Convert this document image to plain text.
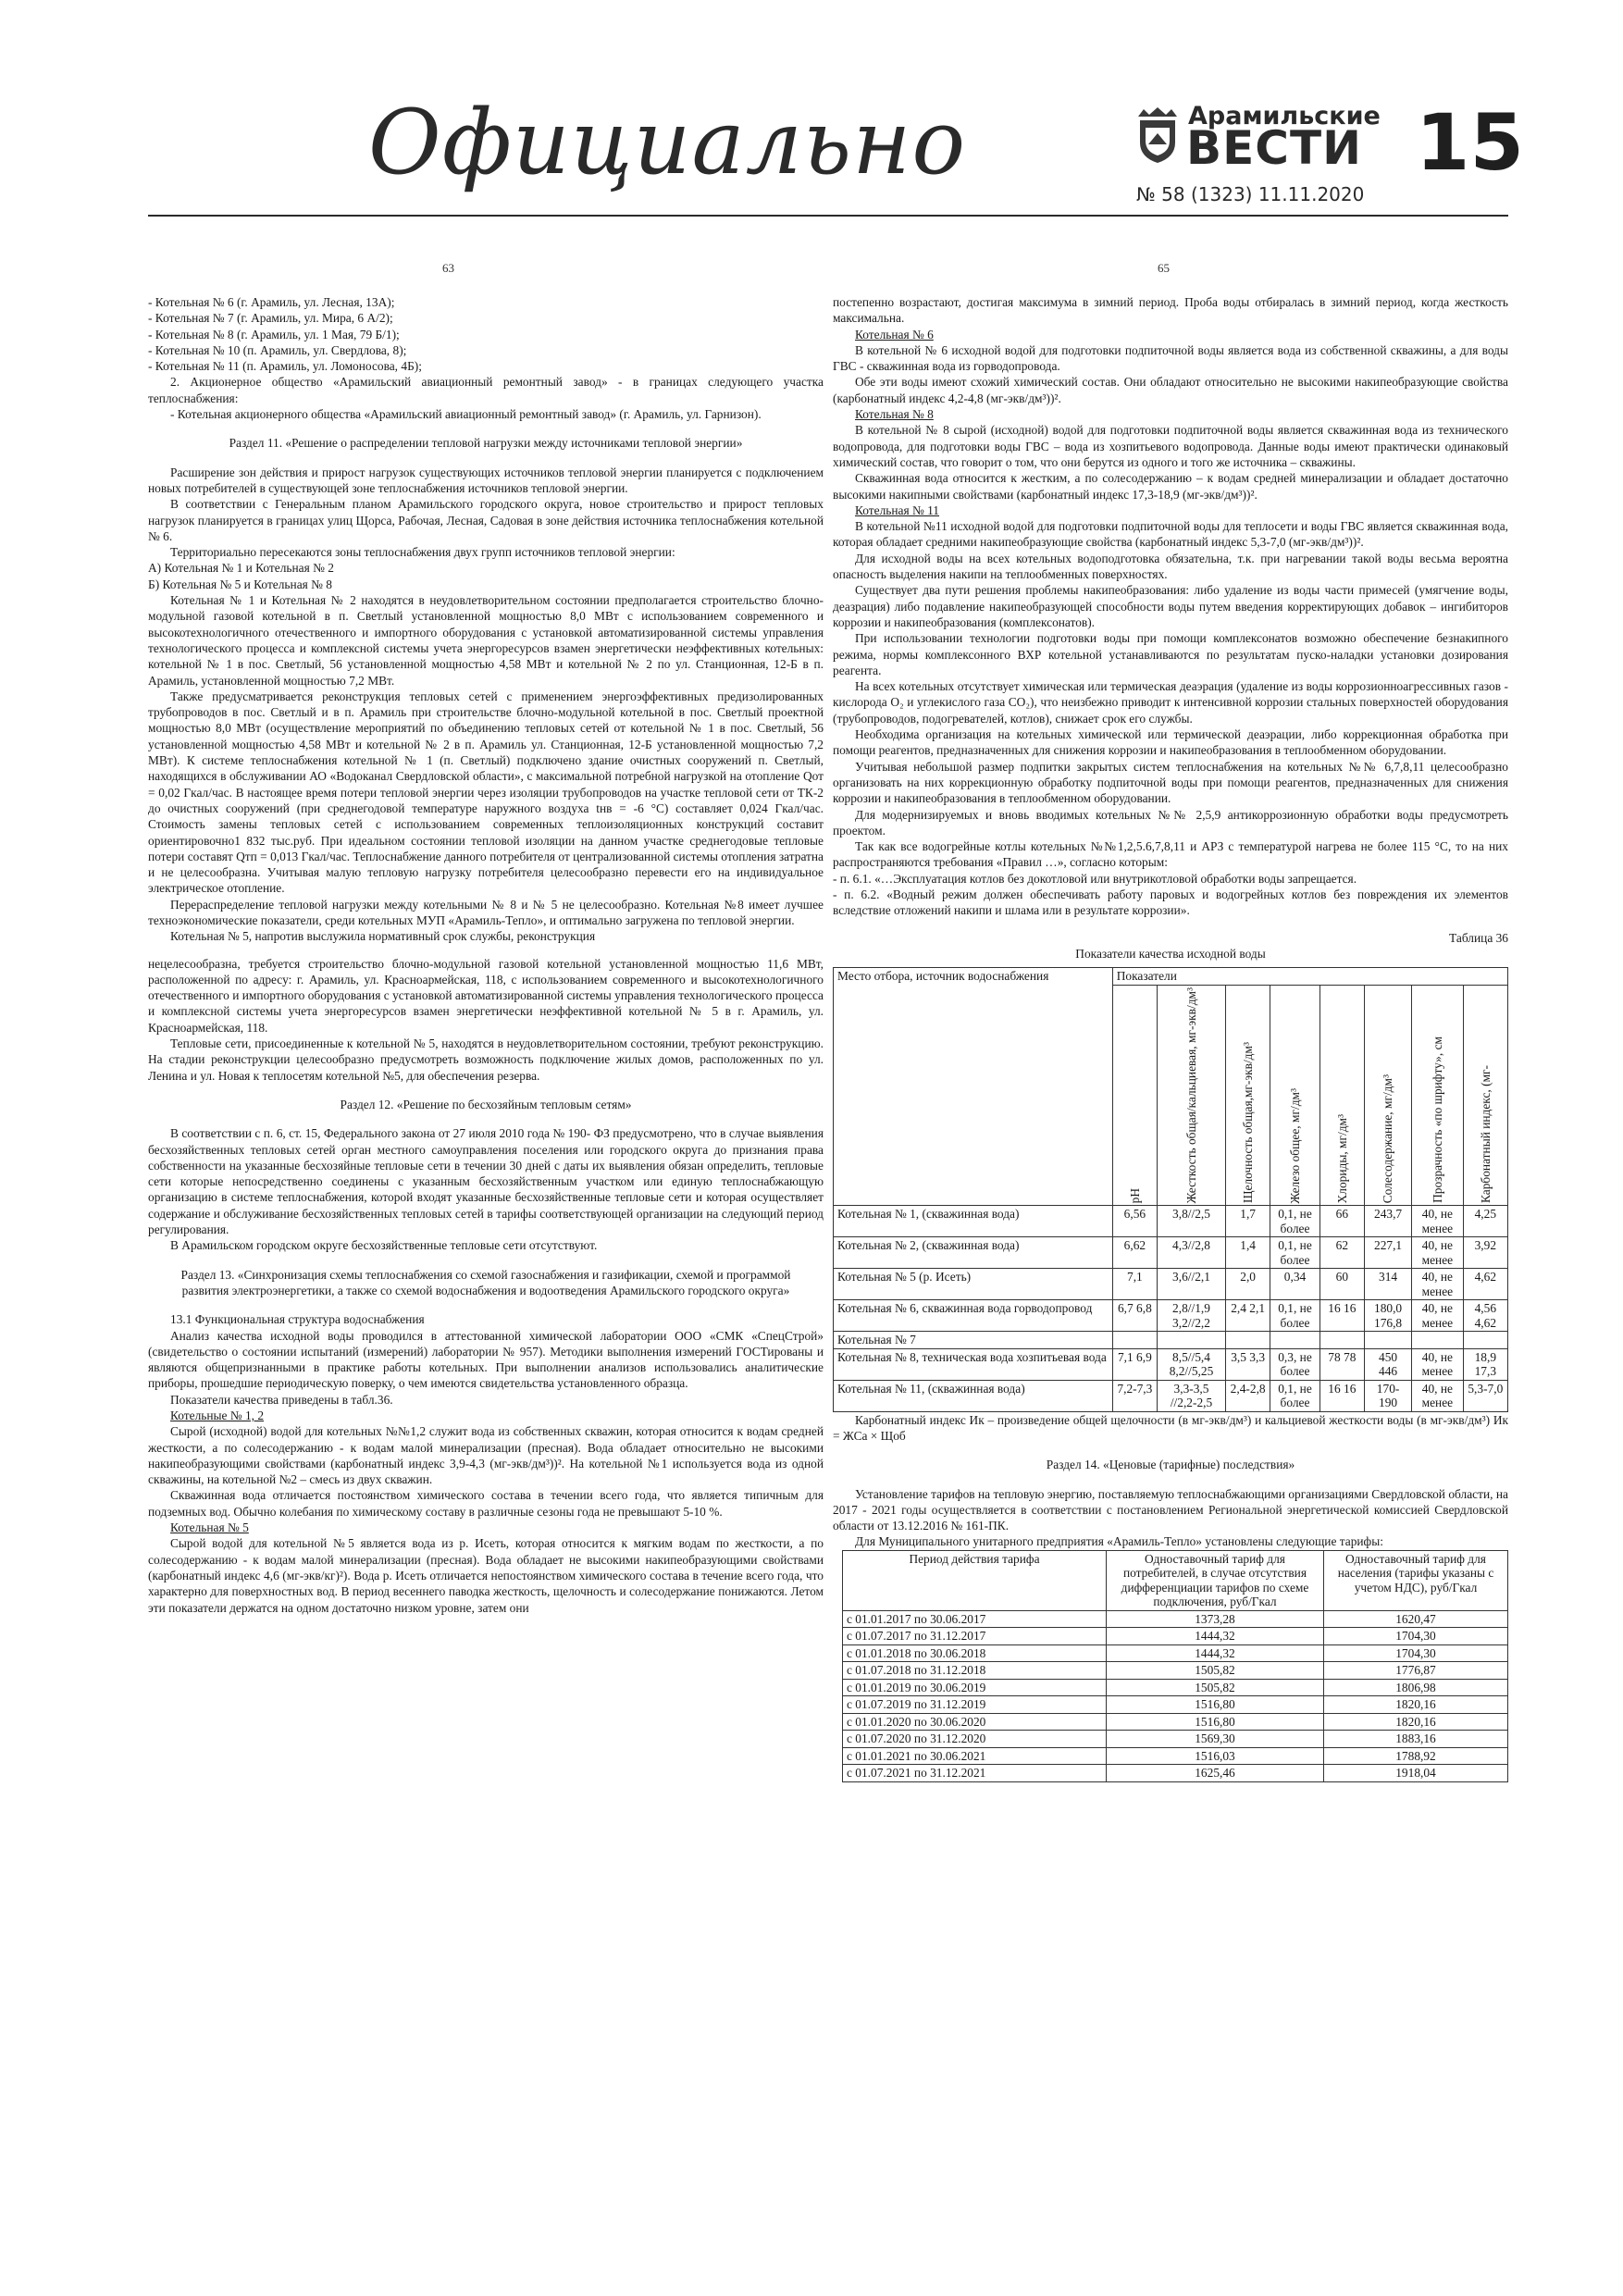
Официально	Арамильские
ВЕСТИ
№ 58 (1323) 11.11.2020
15
63	65

- Котельная № 6 (г. Арамиль, ул. Лесная, 13А);

- Котельная № 7 (г. Арамиль, ул. Мира, 6 А/2);

- Котельная № 8 (г. Арамиль, ул. 1 Мая, 79 Б/1);

- Котельная № 10 (п. Арамиль, ул. Свердлова, 8);

- Котельная № 11 (п. Арамиль, ул. Ломоносова, 4Б);

2. Акционерное общество «Арамильский авиационный ремонтный завод» - в границах следующего участка теплоснабжения:

- Котельная акционерного общества «Арамильский авиационный ремонтный завод» (г. Арамиль, ул. Гарнизон).

Раздел 11. «Решение о распределении тепловой нагрузки между источниками тепловой энергии»

Расширение зон действия и прирост нагрузок существующих источников тепловой энергии планируется с подключением новых потребителей в существующей зоне теплоснабжения источников тепловой энергии.

В соответствии с Генеральным планом Арамильского городского округа, новое строительство и прирост тепловых нагрузок планируется в границах улиц Щорса, Рабочая, Лесная, Садовая в зоне действия источника теплоснабжения котельной № 6.

Территориально пересекаются зоны теплоснабжения двух групп источников тепловой энергии:

А) Котельная № 1 и Котельная № 2

Б) Котельная № 5 и Котельная № 8

Котельная № 1 и Котельная № 2 находятся в неудовлетворительном состоянии предполагается строительство блочно-модульной газовой котельной в п. Светлый установленной мощностью 8,0 МВт с использованием современного и высокотехнологичного отечественного и импортного оборудования с установкой автоматизированной системы управления технологического процесса и комплексной системы учета энергоресурсов взамен энергетически неэффективных котельных: котельной № 1 в пос. Светлый, 56 установленной мощностью 4,58 МВт и котельной № 2 по ул. Станционная, 12-Б в п. Арамиль, установленной мощностью 7,2 МВт.

Также предусматривается реконструкция тепловых сетей с применением энергоэффективных предизолированных трубопроводов в пос. Светлый и в п. Арамиль при строительстве блочно-модульной котельной в пос. Светлый проектной мощностью 8,0 МВт (осуществление мероприятий по объединению тепловых сетей от котельной № 1 в пос. Светлый, 56 установленной мощностью 4,58 МВт и котельной № 2 в п. Арамиль ул. Станционная, 12-Б установленной мощностью 7,2 МВт). К системе теплоснабжения котельной № 1 (п. Светлый) подключено здание очистных сооружений п. Светлый, находящихся в обслуживании АО «Водоканал Свердловской области», с максимальной потребной нагрузкой на отопление Qот = 0,02 Гкал/час. В настоящее время потери тепловой энергии через изоляции трубопроводов на участке тепловой сети от ТК-2 до очистных сооружений (при среднегодовой температуре наружного воздуха tнв = -6 °С) составляет 0,024 Гкал/час. Стоимость замены тепловых сетей с использованием современных теплоизоляционных конструкций составит ориентировочно1 832 тыс.руб. При идеальном состоянии тепловой изоляции на данном участке среднегодовые тепловые потери составят Qтп = 0,013 Гкал/час. Теплоснабжение данного потребителя от централизованной системы отопления затратна и не целесообразна. Учитывая малую тепловую нагрузку потребителя целесообразно перевести его на индивидуальное электрическое отопление.

Перераспределение тепловой нагрузки между котельными № 8 и № 5 не целесообразно. Котельная №8 имеет лучшее техноэкономические показатели, среди котельных МУП «Арамиль-Тепло», и оптимально загружена по тепловой энергии.

Котельная № 5, напротив выслужила нормативный срок службы, реконструкция

нецелесообразна, требуется строительство блочно-модульной газовой котельной установленной мощностью 11,6 МВт, расположенной по адресу: г. Арамиль, ул. Красноармейская, 118, с использованием современного и высокотехнологичного отечественного и импортного оборудования с установкой автоматизированной системы управления технологического процесса и комплексной системы учета энергоресурсов взамен энергетически неэффективной котельной № 5 в г. Арамиль, ул. Красноармейская, 118.

Тепловые сети, присоединенные к котельной № 5, находятся в неудовлетворительном состоянии, требуют реконструкцию. На стадии реконструкции целесообразно предусмотреть возможность подключение жилых домов, расположенных по ул. Ленина и ул. Новая к теплосетям котельной №5, для обеспечения резерва.

Раздел 12. «Решение по бесхозяйным тепловым сетям»

В соответствии с п. 6, ст. 15, Федерального закона от 27 июля 2010 года № 190- ФЗ предусмотрено, что в случае выявления бесхозяйственных тепловых сетей орган местного самоуправления поселения или городского округа до признания права собственности на указанные бесхозяйные тепловые сети в течении 30 дней с даты их выявления обязан определить, тепловые сети которые непосредственно соединены с указанным бесхозяйственным участком или единую теплоснабжающую организацию в системе теплоснабжения, которой входят указанные бесхозяйственные тепловые сети и которая осуществляет содержание и обслуживание бесхозяйственных тепловых сетей в тарифы соответствующей организации на следующий период регулирования.

В Арамильском городском округе бесхозяйственные тепловые сети отсутствуют.

Раздел 13. «Синхронизация схемы теплоснабжения со схемой газоснабжения и газификации, схемой и программой развития электроэнергетики, а также со схемой водоснабжения и водоотведения Арамильского городского округа»

13.1 Функциональная структура водоснабжения

Анализ качества исходной воды проводился в аттестованной химической лаборатории ООО «СМК «СпецСтрой» (свидетельство о состоянии испытаний (измерений) лаборатории № 957). Методики выполнения измерений ГОСТированы и являются общепризнанными в практике работы котельных. При выполнении анализов использовались аналитические приборы, прошедшие периодическую поверку, о чем имеются свидетельства установленного образца.

Показатели качества приведены в табл.36.

Котельные № 1, 2

Сырой (исходной) водой для котельных №№1,2 служит вода из собственных скважин, которая относится к водам средней жесткости, а по солесодержанию - к водам малой минерализации (пресная). Вода обладает относительно не высокими накипеобразующими свойствами (карбонатный индекс 3,9-4,3 (мг-экв/дм³))². На котельной №1 используется вода из одной скважины, на котельной №2 – смесь из двух скважин.

Скважинная вода отличается постоянством химического состава в течении всего года, что является типичным для подземных вод. Обычно колебания по химическому составу в различные сезоны года не превышают 5-10 %.

Котельная № 5

Сырой водой для котельной №5 является вода из р. Исеть, которая относится к мягким водам по жесткости, а по солесодержанию - к водам малой минерализации (пресная). Вода обладает не высокими накипеобразующими свойствами (карбонатный индекс 4,6 (мг-экв/кг)²). Вода р. Исеть отличается непостоянством химического состава в течение всего года, что характерно для поверхностных вод. В период весеннего паводка жесткость, щелочность и солесодержание понижаются. Летом эти показатели держатся на одном достаточно низком уровне, затем они

постепенно возрастают, достигая максимума в зимний период. Проба воды отбиралась в зимний период, когда жесткость максимальна.

Котельная № 6

В котельной № 6 исходной водой для подготовки подпиточной воды является вода из собственной скважины, а для воды ГВС - скважинная вода из горводопровода.

Обе эти воды имеют схожий химический состав. Они обладают относительно не высокими накипеобразующие свойства (карбонатный индекс 4,2-4,8 (мг-экв/дм³))².

Котельная № 8

В котельной № 8 сырой (исходной) водой для подготовки подпиточной воды является скважинная вода из технического водопровода, для подготовки воды ГВС – вода из хозпитьевого водопровода. Данные воды имеют практически одинаковый химический состав, что говорит о том, что они берутся из одного и того же источника – скважины.

Скважинная вода относится к жестким, а по солесодержанию – к водам средней минерализации и обладает достаточно высокими накипными свойствами (карбонатный индекс 17,3-18,9 (мг-экв/дм³))².

Котельная № 11

В котельной №11 исходной водой для подготовки подпиточной воды для теплосети и воды ГВС является скважинная вода, которая обладает средними накипеобразующие свойства (карбонатный индекс 5,3-7,0 (мг-экв/дм³))².

Для исходной воды на всех котельных водоподготовка обязательна, т.к. при нагревании такой воды весьма вероятна опасность выделения накипи на теплообменных поверхностях.

Существует два пути решения проблемы накипеобразования: либо удаление из воды части примесей (умягчение воды, деазрация) либо подавление накипеобразующей способности воды путем введения корректирующих добавок – ингибиторов коррозии и накипеобразования (комплексонатов).

При использовании технологии подготовки воды при помощи комплексонатов возможно обеспечение безнакипного режима, нормы комплексонного ВХР котельной устанавливаются по результатам пуско-наладки установки дозирования реагента.

На всех котельных отсутствует химическая или термическая деаэрация (удаление из воды коррозионноагрессивных газов - кислорода O₂ и углекислого газа CO₂), что неизбежно приводит к интенсивной коррозии стальных поверхностей оборудования (трубопроводов, подогревателей, котлов), снижает срок его службы.

Необходима организация на котельных химической или термической деаэрации, либо коррекционная обработка при помощи реагентов, предназначенных для снижения коррозии и накипеобразования в теплообменном оборудовании.

Учитывая небольшой размер подпитки закрытых систем теплоснабжения на котельных №№ 6,7,8,11 целесообразно организовать на них коррекционную обработку подпиточной воды при помощи реагентов, предназначенных для снижения коррозии и накипеобразования в теплообменном оборудовании.

Для модернизируемых и вновь вводимых котельных №№ 2,5,9 антикоррозионную обработки воды предусмотреть проектом.

Так как все водогрейные котлы котельных №№1,2,5.6,7,8,11 и АРЗ с температурой нагрева не более 115 °С, то на них распространяются требования «Правил …», согласно которым:

- п. 6.1. «…Эксплуатация котлов без докотловой или внутрикотловой обработки воды запрещается.

- п. 6.2. «Водный режим должен обеспечивать работу паровых и водогрейных котлов без повреждения их элементов вследствие отложений накипи и шлама или в результате коррозии».

Таблица 36

Показатели качества исходной воды

Место отбора, источник водоснабжения	Показатели							

	pH	Жесткость общая/кальциевая, мг-экв/дм³	Щелочность общая,мг-экв/дм³	Железо общее, мг/дм³	Хлориды, мг/дм³	Солесодержание, мг/дм³	Прозрачность «по шрифту», см	Карбонатный индекс, (мг-

Котельная № 1, (скважинная вода)	6,56	3,8//2,5	1,7	0,1, не более	66	243,7	40, не менее	4,25
Котельная № 2, (скважинная вода)	6,62	4,3//2,8	1,4	0,1, не более	62	227,1	40, не менее	3,92
Котельная № 5 (р. Исеть)	7,1	3,6//2,1	2,0	0,34	60	314	40, не менее	4,62
Котельная № 6, скважинная вода горводопровод	6,7 6,8	2,8//1,9 3,2//2,2	2,4 2,1	0,1, не более	16 16	180,0 176,8	40, не менее	4,56 4,62
Котельная № 7								
Котельная № 8, техническая вода хозпитьевая вода	7,1 6,9	8,5//5,4 8,2//5,25	3,5 3,3	0,3, не более	78 78	450 446	40, не менее	18,9 17,3
Котельная № 11, (скважинная вода)	7,2-7,3	3,3-3,5 //2,2-2,5	2,4-2,8	0,1, не более	16 16	170-190	40, не менее	5,3-7,0

Карбонатный индекс Ик – произведение общей щелочности (в мг-экв/дм³) и кальциевой жесткости воды (в мг-экв/дм³) Ик = ЖСа × Щоб

Раздел 14. «Ценовые (тарифные) последствия»

Установление тарифов на тепловую энергию, поставляемую теплоснабжающими организациями Свердловской области, на 2017 - 2021 годы осуществляется в соответствии с постановлением Региональной энергетической комиссией Свердловской области от 13.12.2016 № 161-ПК.

Для Муниципального унитарного предприятия «Арамиль-Тепло» установлены следующие тарифы:

Период действия тарифа	Одноставочный тариф для потребителей, в случае отсутствия дифференциации тарифов по схеме подключения, руб/Гкал	Одноставочный тариф для населения (тарифы указаны с учетом НДС), руб/Гкал
с 01.01.2017 по 30.06.2017	1373,28	1620,47
с 01.07.2017 по 31.12.2017	1444,32	1704,30
с 01.01.2018 по 30.06.2018	1444,32	1704,30
с 01.07.2018 по 31.12.2018	1505,82	1776,87
с 01.01.2019 по 30.06.2019	1505,82	1806,98
с 01.07.2019 по 31.12.2019	1516,80	1820,16
с 01.01.2020 по 30.06.2020	1516,80	1820,16
с 01.07.2020 по 31.12.2020	1569,30	1883,16
с 01.01.2021 по 30.06.2021	1516,03	1788,92
с 01.07.2021 по 31.12.2021	1625,46	1918,04
